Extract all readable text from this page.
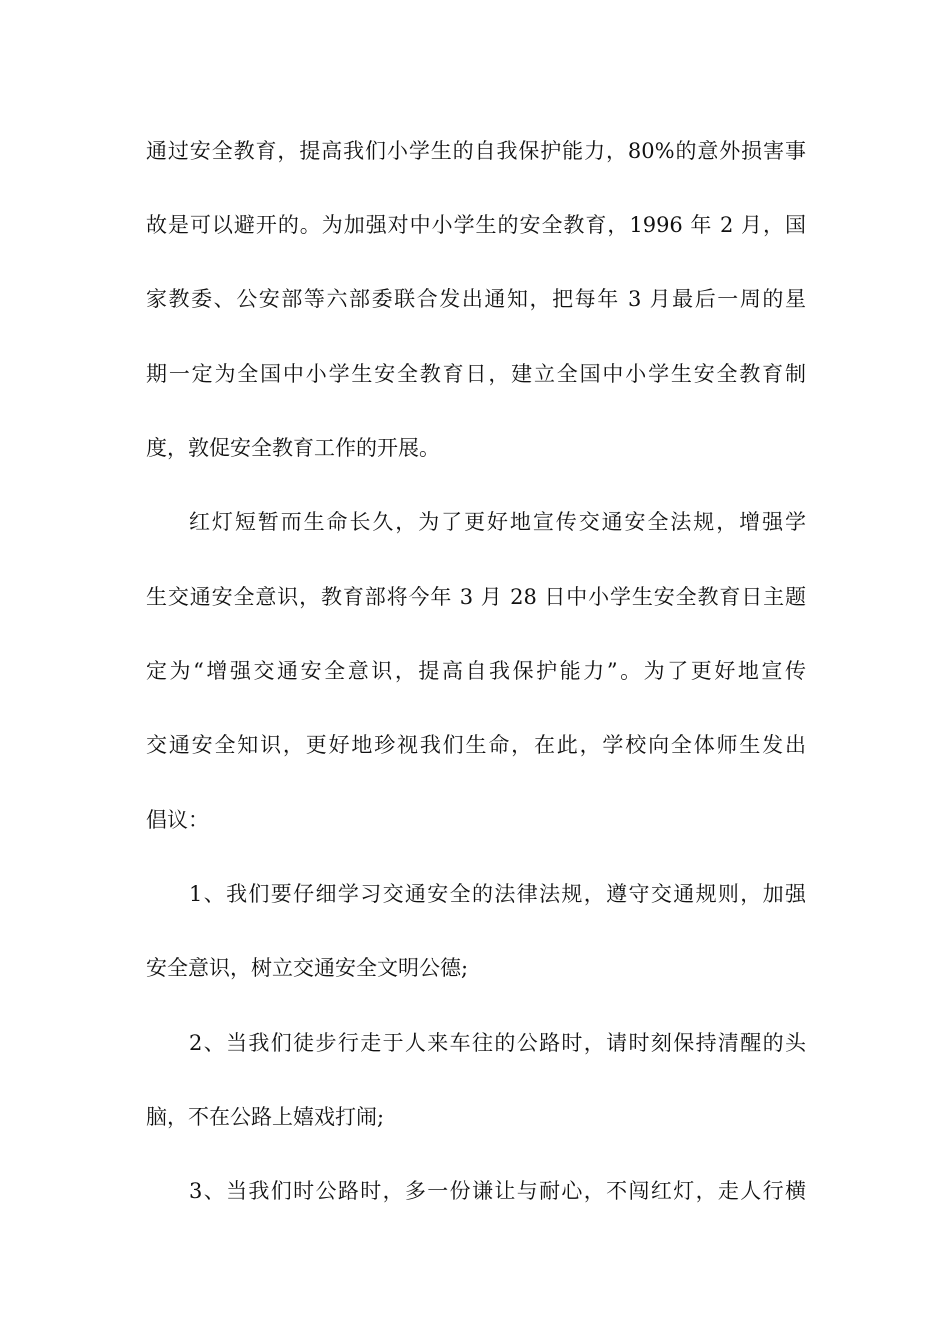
通过安全教育，提高我们小学生的自我保护能力，80%的意外损害事
故是可以避开的。为加强对中小学生的安全教育，1996 年 2 月，国
家教委、公安部等六部委联合发出通知，把每年 3 月最后一周的星
期一定为全国中小学生安全教育日，建立全国中小学生安全教育制
度，敦促安全教育工作的开展。
红灯短暂而生命长久，为了更好地宣传交通安全法规，增强学
生交通安全意识，教育部将今年 3 月 28 日中小学生安全教育日主题
定为“增强交通安全意识，提高自我保护能力”。为了更好地宣传
交通安全知识，更好地珍视我们生命，在此，学校向全体师生发出
倡议：
1、我们要仔细学习交通安全的法律法规，遵守交通规则，加强
安全意识，树立交通安全文明公德;
2、当我们徒步行走于人来车往的公路时，请时刻保持清醒的头
脑，不在公路上嬉戏打闹;
3、当我们时公路时，多一份谦让与耐心，不闯红灯，走人行横
